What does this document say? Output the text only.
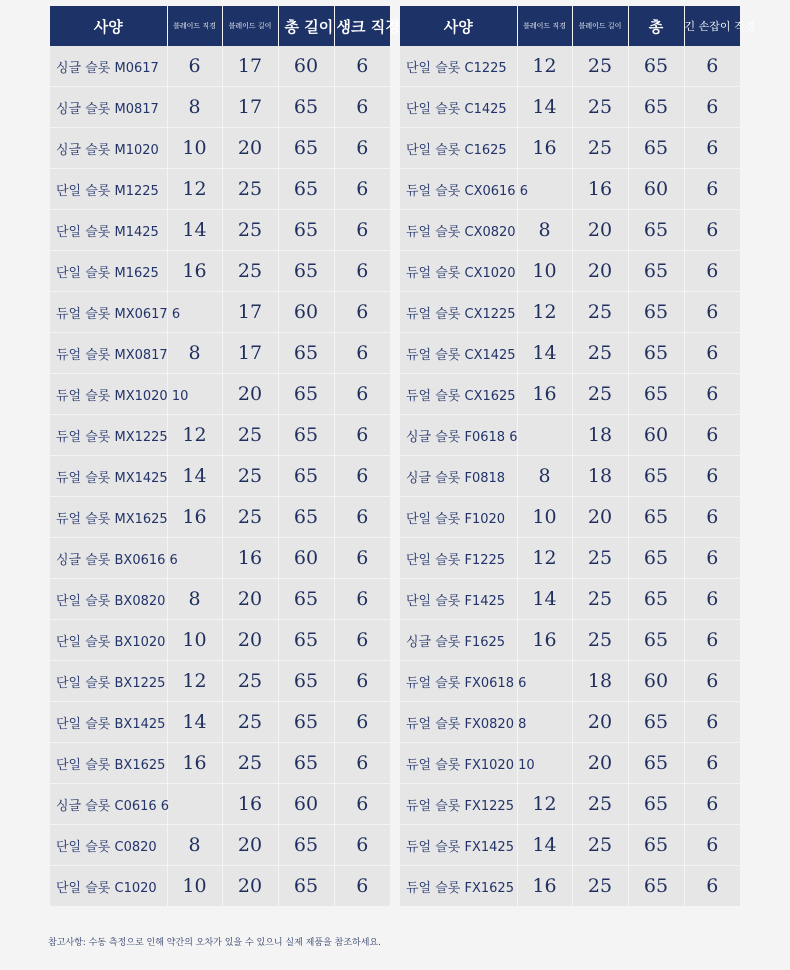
사양	블레이드 직경	블레이드 길이	총 길이	생크 직경
싱글 슬롯 M0617	6	17	60	6
싱글 슬롯 M0817	8	17	65	6
싱글 슬롯 M1020	10	20	65	6
단일 슬롯 M1225	12	25	65	6
단일 슬롯 M1425	14	25	65	6
단일 슬롯 M1625	16	25	65	6
듀얼 슬롯 MX0617 6		17	60	6
듀얼 슬롯 MX0817	8	17	65	6
듀얼 슬롯 MX1020 10		20	65	6
듀얼 슬롯 MX1225	12	25	65	6
듀얼 슬롯 MX1425	14	25	65	6
듀얼 슬롯 MX1625	16	25	65	6
싱글 슬롯 BX0616 6		16	60	6
단일 슬롯 BX0820	8	20	65	6
단일 슬롯 BX1020	10	20	65	6
단일 슬롯 BX1225	12	25	65	6
단일 슬롯 BX1425	14	25	65	6
단일 슬롯 BX1625	16	25	65	6
싱글 슬롯 C0616 6		16	60	6
단일 슬롯 C0820	8	20	65	6
단일 슬롯 C1020	10	20	65	6
사양	블레이드 직경	블레이드 길이	총	긴 손잡이 직경
단일 슬롯 C1225	12	25	65	6
단일 슬롯 C1425	14	25	65	6
단일 슬롯 C1625	16	25	65	6
듀얼 슬롯 CX0616 6		16	60	6
듀얼 슬롯 CX0820	8	20	65	6
듀얼 슬롯 CX1020	10	20	65	6
듀얼 슬롯 CX1225	12	25	65	6
듀얼 슬롯 CX1425	14	25	65	6
듀얼 슬롯 CX1625	16	25	65	6
싱글 슬롯 F0618 6		18	60	6
싱글 슬롯 F0818	8	18	65	6
단일 슬롯 F1020	10	20	65	6
단일 슬롯 F1225	12	25	65	6
단일 슬롯 F1425	14	25	65	6
싱글 슬롯 F1625	16	25	65	6
듀얼 슬롯 FX0618 6		18	60	6
듀얼 슬롯 FX0820 8		20	65	6
듀얼 슬롯 FX1020 10		20	65	6
듀얼 슬롯 FX1225	12	25	65	6
듀얼 슬롯 FX1425	14	25	65	6
듀얼 슬롯 FX1625	16	25	65	6
참고사항: 수동 측정으로 인해 약간의 오차가 있을 수 있으니 실제 제품을 참조하세요.
